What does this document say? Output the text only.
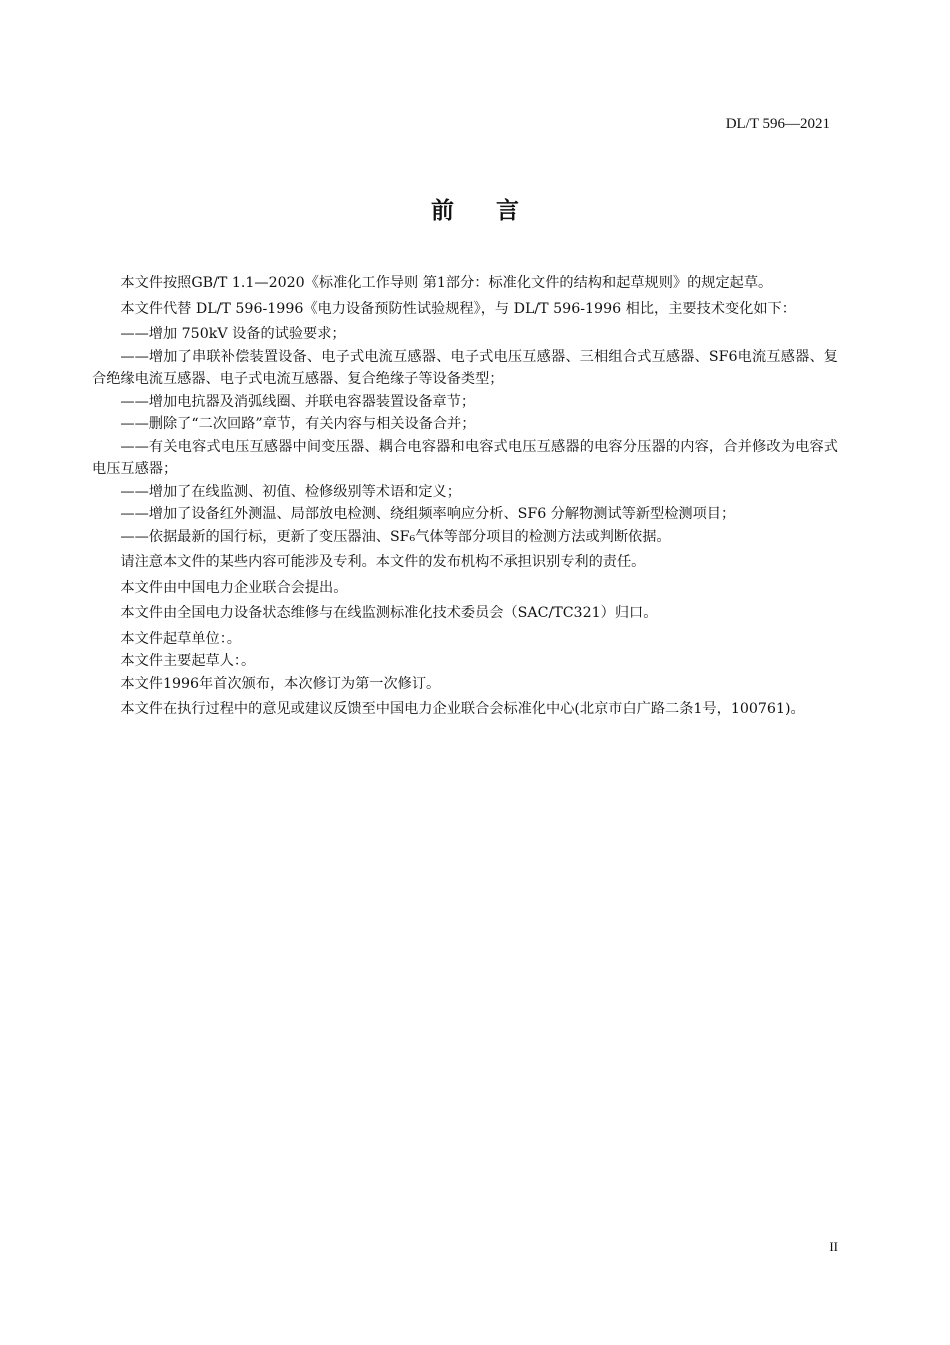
DL/T 596—2021
前言

本文件按照GB/T 1.1—2020《标准化工作导则 第1部分：标准化文件的结构和起草规则》的规定起草。

本文件代替 DL/T 596-1996《电力设备预防性试验规程》，与 DL/T 596-1996 相比，主要技术变化如下：

——增加 750kV 设备的试验要求；

——增加了串联补偿装置设备、电子式电流互感器、电子式电压互感器、三相组合式互感器、SF6电流互感器、复合绝缘电流互感器、电子式电流互感器、复合绝缘子等设备类型；

——增加电抗器及消弧线圈、并联电容器装置设备章节；

——删除了“二次回路”章节，有关内容与相关设备合并；

——有关电容式电压互感器中间变压器、耦合电容器和电容式电压互感器的电容分压器的内容，合并修改为电容式电压互感器；

——增加了在线监测、初值、检修级别等术语和定义；

——增加了设备红外测温、局部放电检测、绕组频率响应分析、SF6 分解物测试等新型检测项目；

——依据最新的国行标，更新了变压器油、SF₆气体等部分项目的检测方法或判断依据。

请注意本文件的某些内容可能涉及专利。本文件的发布机构不承担识别专利的责任。

本文件由中国电力企业联合会提出。

本文件由全国电力设备状态维修与在线监测标准化技术委员会（SAC/TC321）归口。

本文件起草单位：。

本文件主要起草人：。

本文件1996年首次颁布，本次修订为第一次修订。

本文件在执行过程中的意见或建议反馈至中国电力企业联合会标准化中心(北京市白广路二条1号，100761)。

II
